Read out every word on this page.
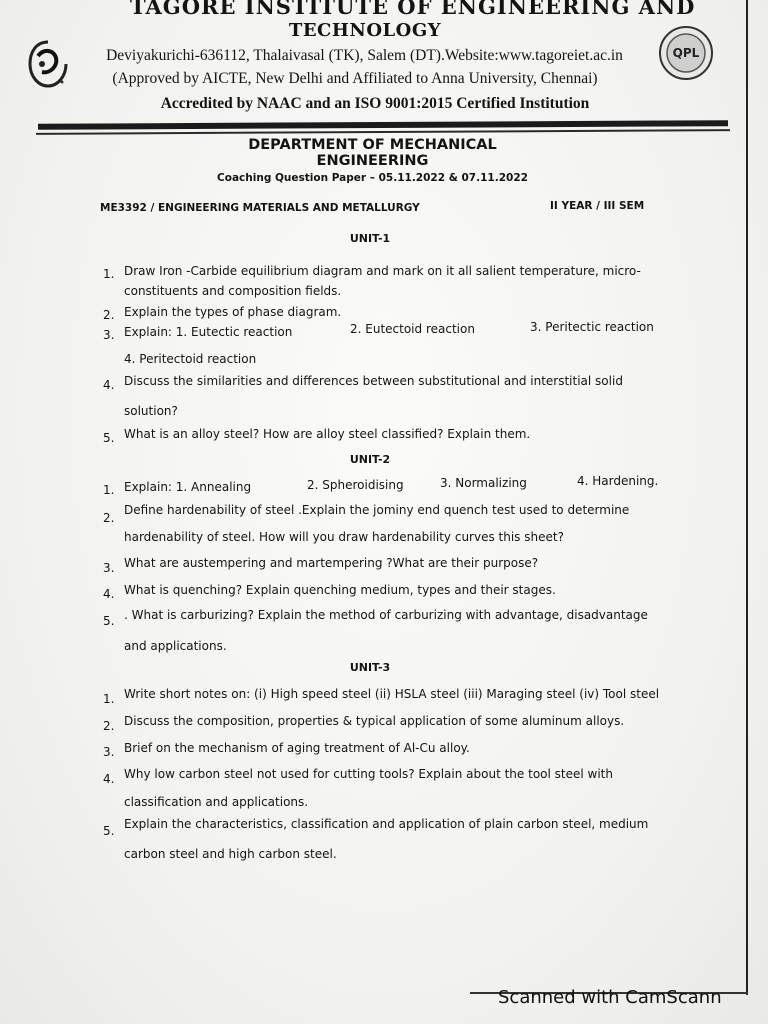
QPL
TAGORE INSTITUTE OF ENGINEERING AND
TECHNOLOGY
Deviyakurichi-636112, Thalaivasal (TK), Salem (DT).Website:www.tagoreiet.ac.in
(Approved by AICTE, New Delhi and Affiliated to Anna University, Chennai)
Accredited by NAAC and an ISO 9001:2015 Certified Institution
DEPARTMENT OF MECHANICAL ENGINEERING
Coaching Question Paper – 05.11.2022 & 07.11.2022
ME3392 / ENGINEERING MATERIALS AND METALLURGY	II YEAR / III SEM
UNIT-1
1. Draw Iron -Carbide equilibrium diagram and mark on it all salient temperature, micro-
constituents and composition fields.
2. Explain the types of phase diagram.
3. Explain: 1. Eutectic reaction	2. Eutectoid reaction	3. Peritectic reaction
4. Peritectoid reaction
4. Discuss the similarities and differences between substitutional and interstitial solid
solution?
5. What is an alloy steel? How are alloy steel classified? Explain them.
UNIT-2
1. Explain: 1. Annealing	2. Spheroidising	3. Normalizing	4. Hardening.
2.
Define hardenability of steel .Explain the jominy end quench test used to determine
hardenability of steel. How will you draw hardenability curves this sheet?
3. What are austempering and martempering ?What are their purpose?
4. What is quenching? Explain quenching medium, types and their stages.
5. . What is carburizing? Explain the method of carburizing with advantage, disadvantage
and applications.
UNIT-3
1. Write short notes on: (i) High speed steel (ii) HSLA steel (iii) Maraging steel (iv) Tool steel
2. Discuss the composition, properties & typical application of some aluminum alloys.
3. Brief on the mechanism of aging treatment of Al-Cu alloy.
4. Why low carbon steel not used for cutting tools? Explain about the tool steel with
classification and applications.
5. Explain the characteristics, classification and application of plain carbon steel, medium
carbon steel and high carbon steel.
Scanned with CamScann
